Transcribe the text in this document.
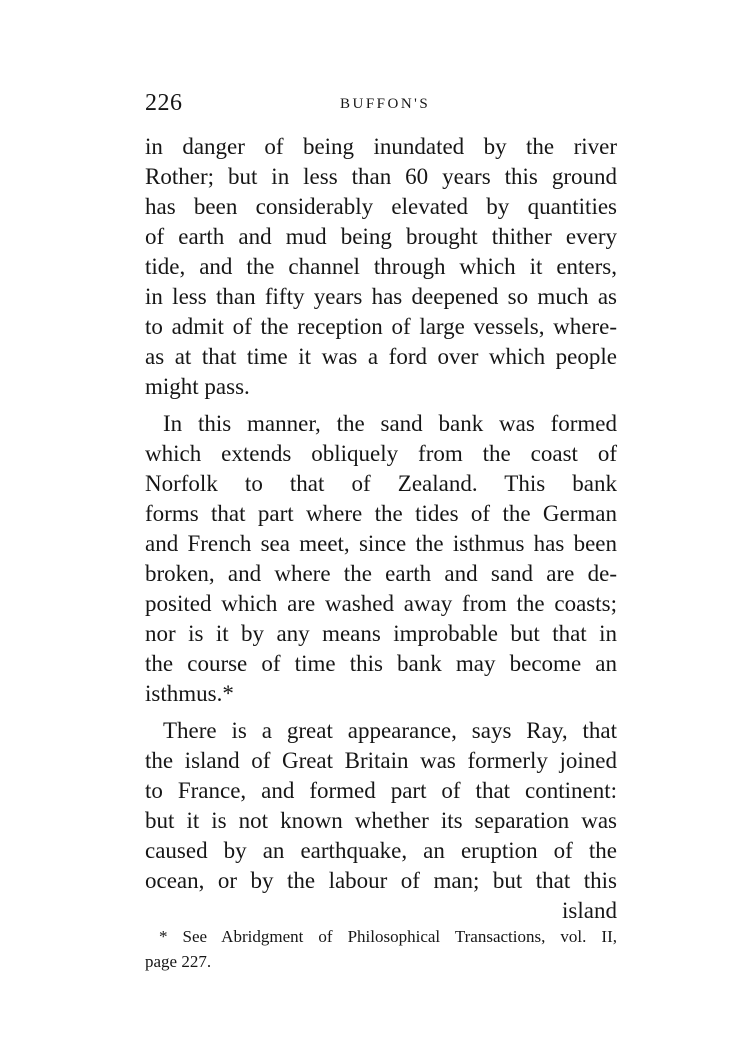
226	BUFFON'S
in danger of being inundated by the river
Rother; but in less than 60 years this ground
has been considerably elevated by quantities
of earth and mud being brought thither every
tide, and the channel through which it enters,
in less than fifty years has deepened so much as
to admit of the reception of large vessels, where-
as at that time it was a ford over which people
might pass.
In this manner, the sand bank was formed
which extends obliquely from the coast of
Norfolk to that of Zealand. This bank
forms that part where the tides of the German
and French sea meet, since the isthmus has been
broken, and where the earth and sand are de-
posited which are washed away from the coasts;
nor is it by any means improbable but that in
the course of time this bank may become an
isthmus.*
There is a great appearance, says Ray, that
the island of Great Britain was formerly joined
to France, and formed part of that continent:
but it is not known whether its separation was
caused by an earthquake, an eruption of the
ocean, or by the labour of man; but that this
island
* See Abridgment of Philosophical Transactions, vol. II,
page 227.
